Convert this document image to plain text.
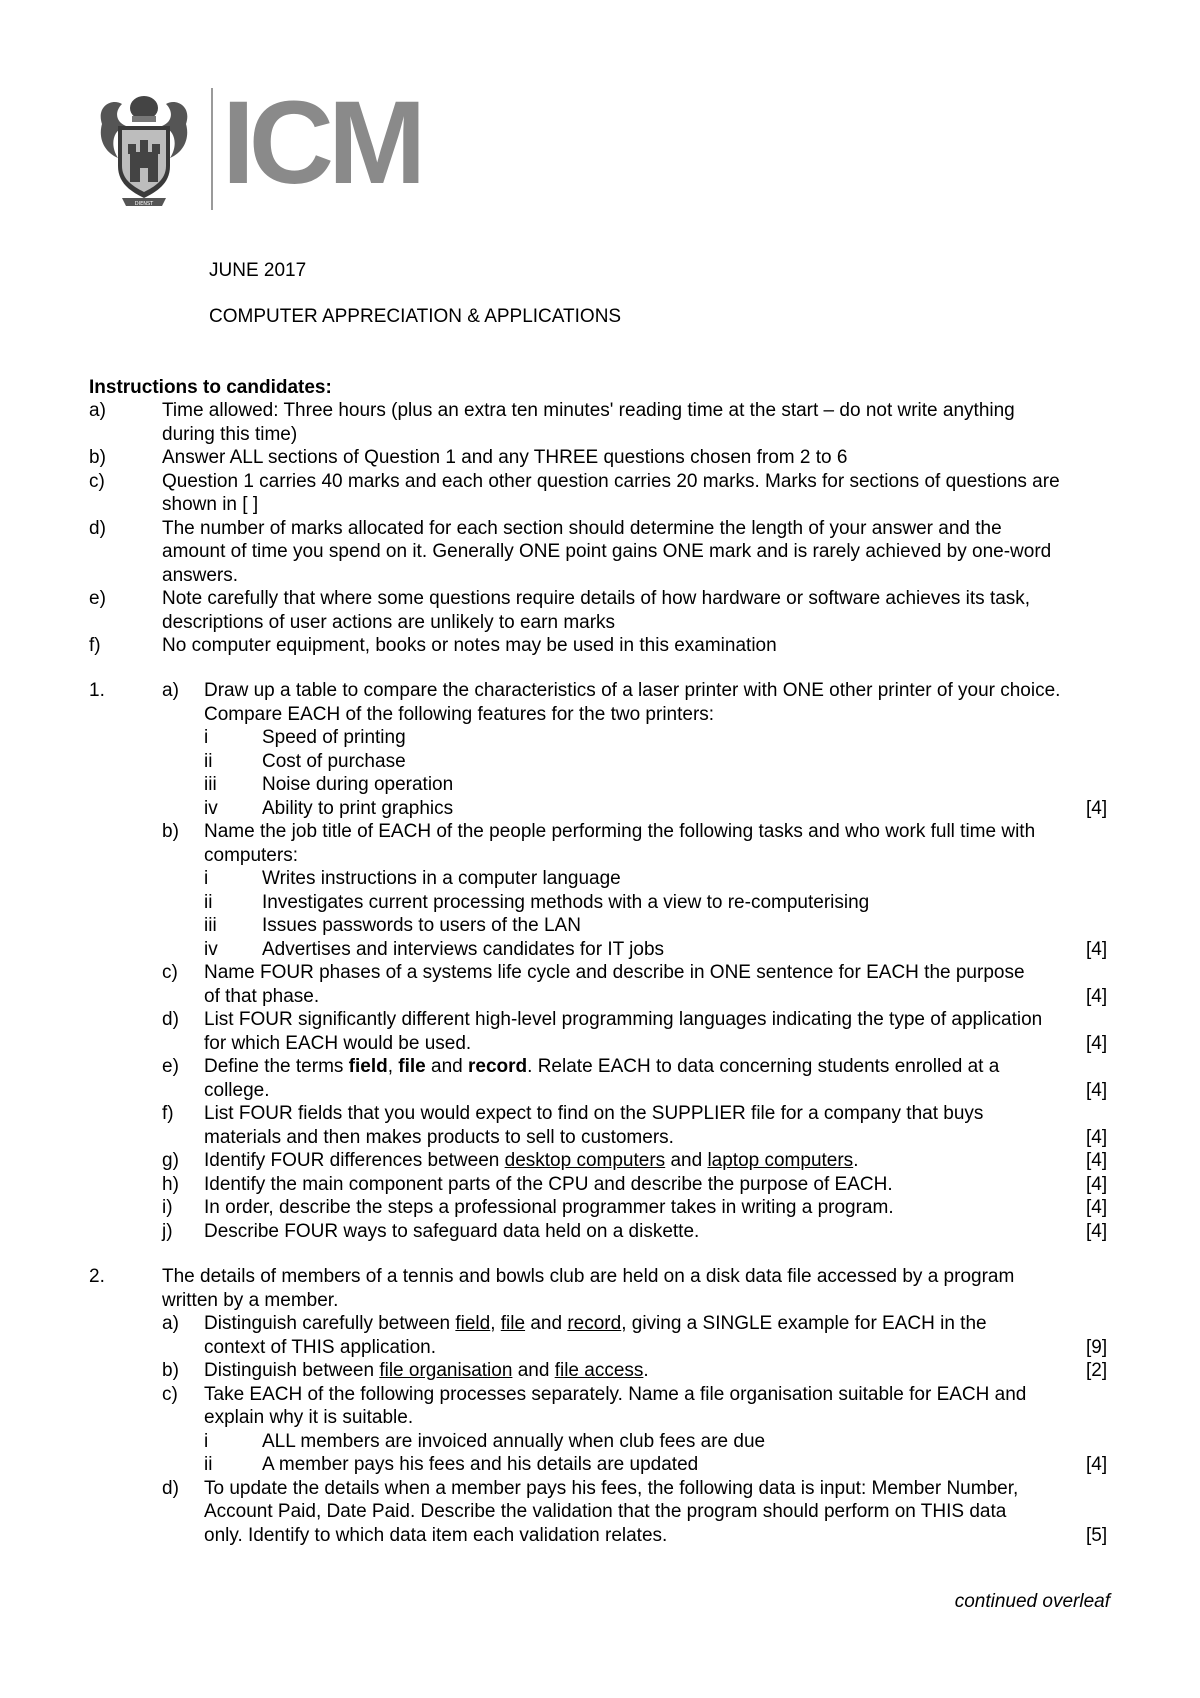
DIENST ICM
JUNE 2017
COMPUTER APPRECIATION & APPLICATIONS
Instructions to candidates:
a)	Time allowed: Three hours (plus an extra ten minutes' reading time at the start – do not write anything
during this time)
b)	Answer ALL sections of Question 1 and any THREE questions chosen from 2 to 6
c)	Question 1 carries 40 marks and each other question carries 20 marks. Marks for sections of questions are
shown in [ ]
d)	The number of marks allocated for each section should determine the length of your answer and the
amount of time you spend on it. Generally ONE point gains ONE mark and is rarely achieved by one-word
answers.
e)	Note carefully that where some questions require details of how hardware or software achieves its task,
descriptions of user actions are unlikely to earn marks
f)	No computer equipment, books or notes may be used in this examination
1.	a) Draw up a table to compare the characteristics of a laser printer with ONE other printer of your choice.
Compare EACH of the following features for the two printers:
i	Speed of printing
ii	Cost of purchase
iii Noise during operation
iv Ability to print graphics	[4]
b) Name the job title of EACH of the people performing the following tasks and who work full time with
computers:
i	Writes instructions in a computer language
ii	Investigates current processing methods with a view to re-computerising
iii Issues passwords to users of the LAN
iv Advertises and interviews candidates for IT jobs	[4]
c) Name FOUR phases of a systems life cycle and describe in ONE sentence for EACH the purpose
of that phase.	[4]
d) List FOUR significantly different high-level programming languages indicating the type of application
for which EACH would be used.	[4]
e) Define the terms field, file and record. Relate EACH to data concerning students enrolled at a
college.	[4]
f) List FOUR fields that you would expect to find on the SUPPLIER file for a company that buys
materials and then makes products to sell to customers.	[4]
g) Identify FOUR differences between desktop computers and laptop computers.	[4]
h) Identify the main component parts of the CPU and describe the purpose of EACH.	[4]
i) In order, describe the steps a professional programmer takes in writing a program.	[4]
j) Describe FOUR ways to safeguard data held on a diskette.	[4]
2.	The details of members of a tennis and bowls club are held on a disk data file accessed by a program
written by a member.
a) Distinguish carefully between field, file and record, giving a SINGLE example for EACH in the
context of THIS application.	[9]
b) Distinguish between file organisation and file access.	[2]
c) Take EACH of the following processes separately. Name a file organisation suitable for EACH and
explain why it is suitable.
i	ALL members are invoiced annually when club fees are due
ii	A member pays his fees and his details are updated	[4]
d) To update the details when a member pays his fees, the following data is input: Member Number,
Account Paid, Date Paid. Describe the validation that the program should perform on THIS data
only. Identify to which data item each validation relates.	[5]
continued overleaf
